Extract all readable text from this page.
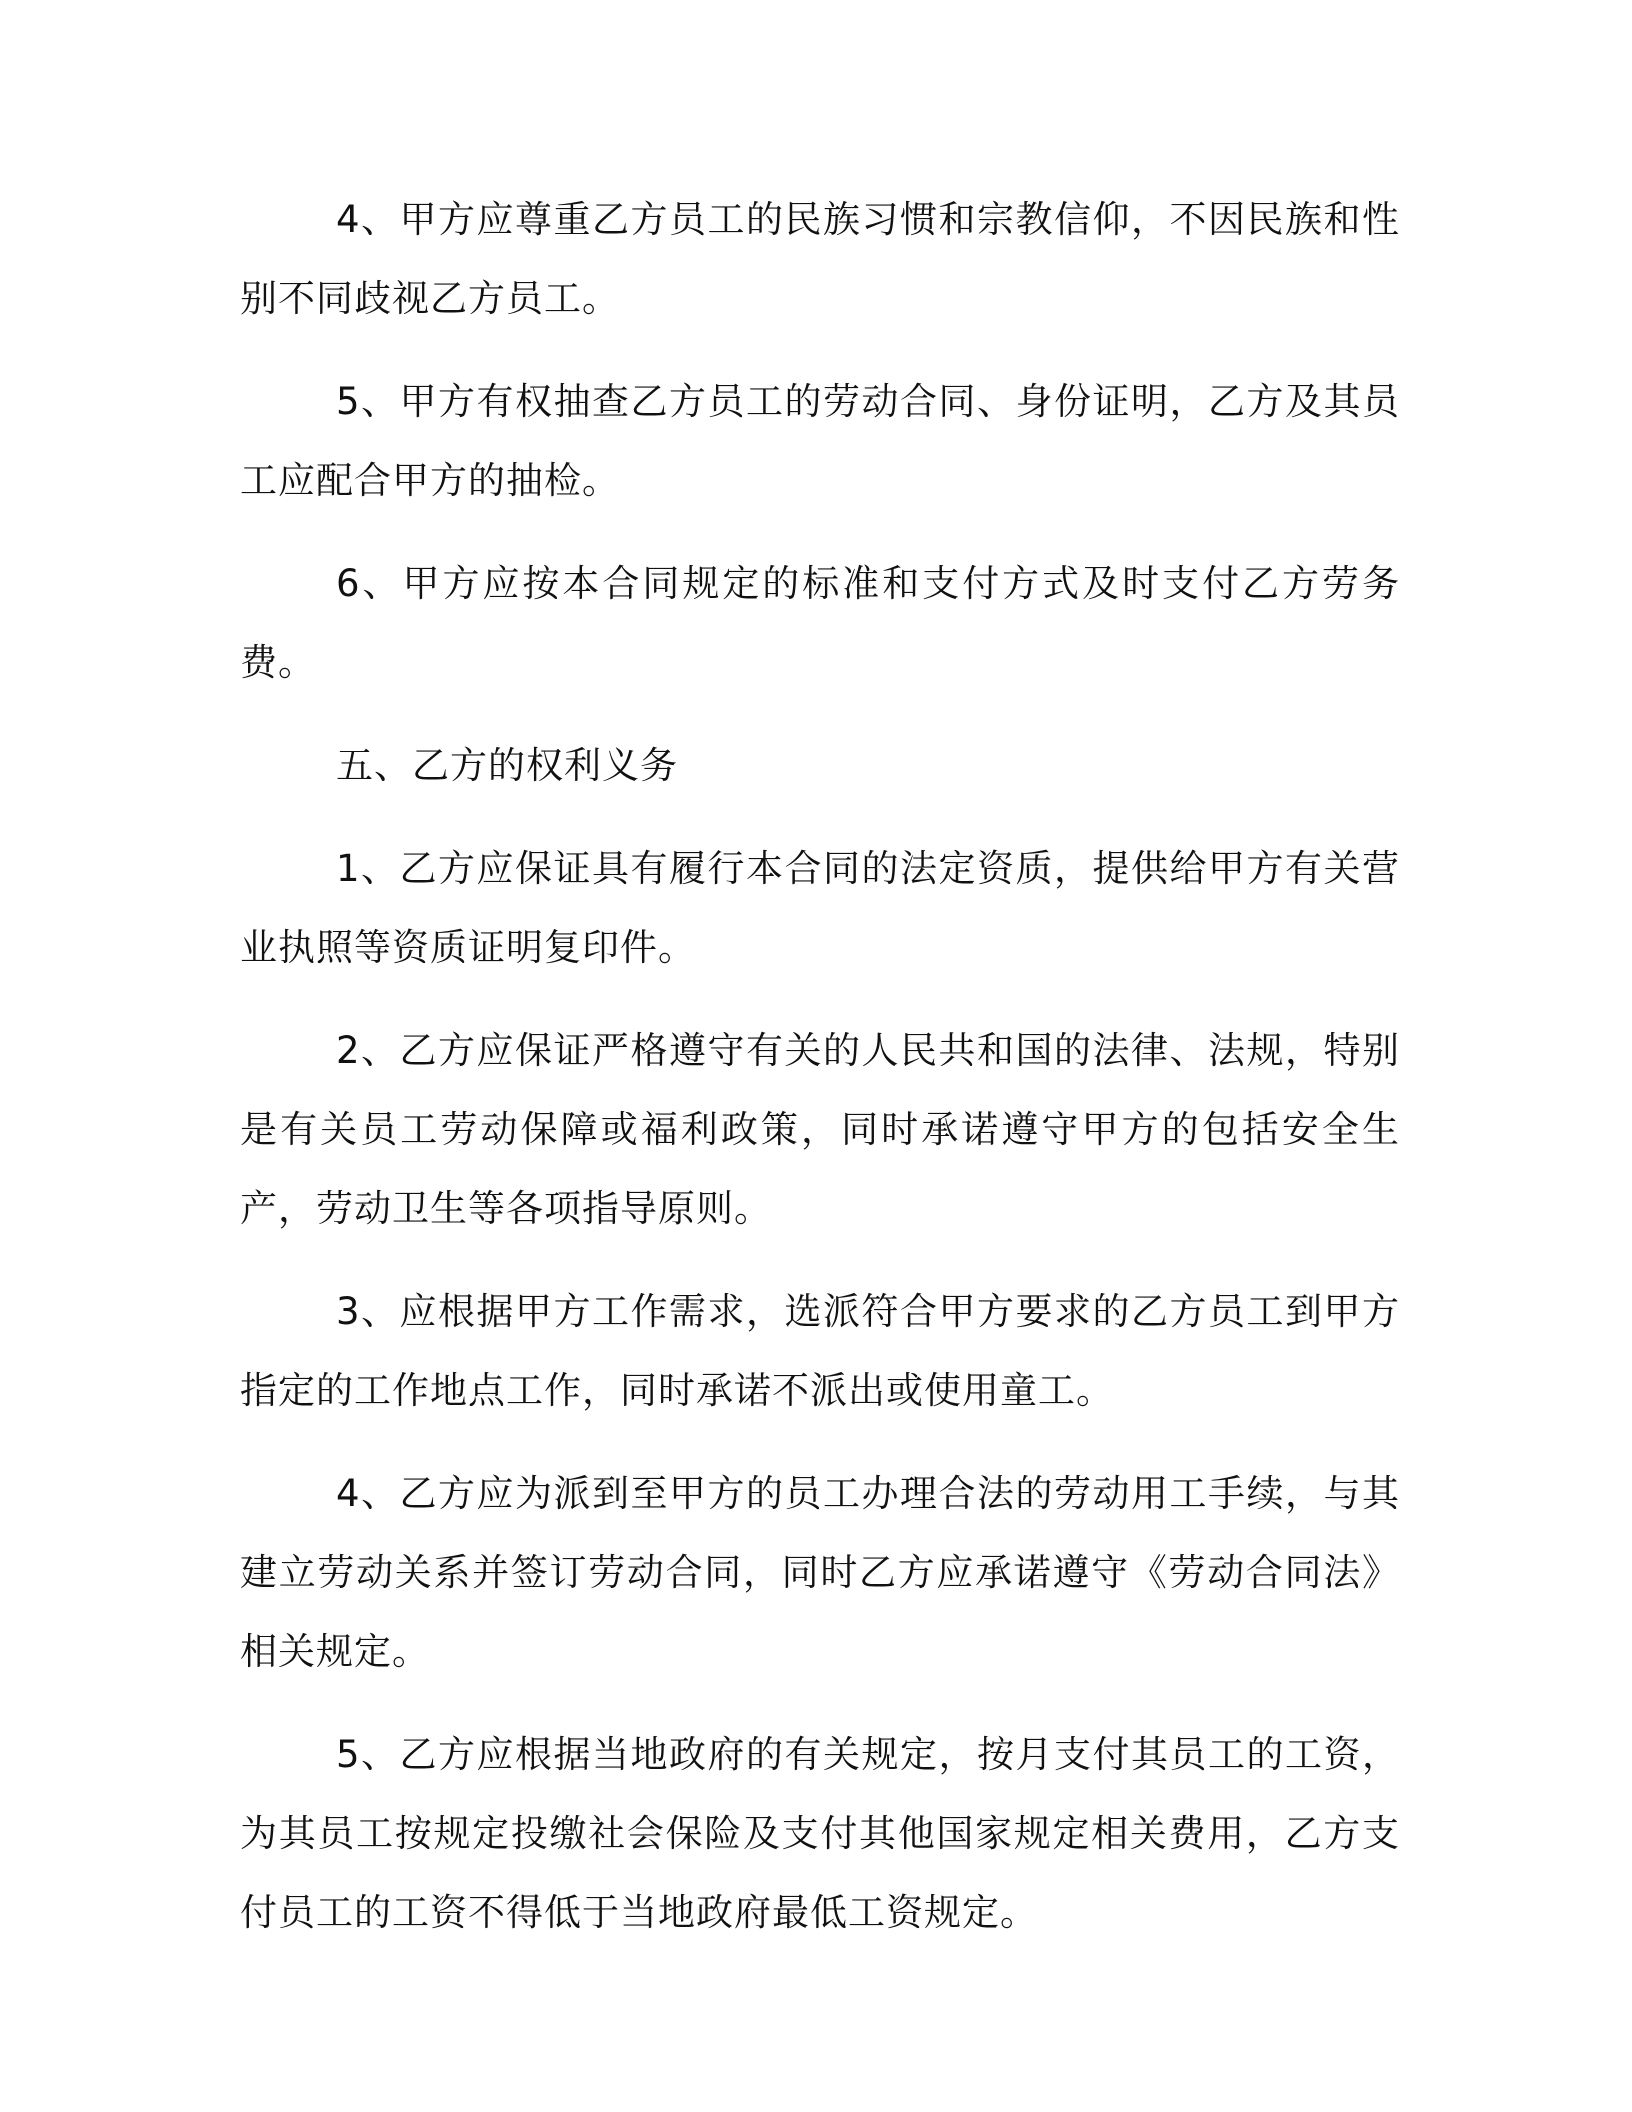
4、甲方应尊重乙方员工的民族习惯和宗教信仰，不因民族和性别不同歧视乙方员工。

5、甲方有权抽查乙方员工的劳动合同、身份证明，乙方及其员工应配合甲方的抽检。

6、甲方应按本合同规定的标准和支付方式及时支付乙方劳务费。

五、乙方的权利义务

1、乙方应保证具有履行本合同的法定资质，提供给甲方有关营业执照等资质证明复印件。

2、乙方应保证严格遵守有关的人民共和国的法律、法规，特别是有关员工劳动保障或福利政策，同时承诺遵守甲方的包括安全生产，劳动卫生等各项指导原则。

3、应根据甲方工作需求，选派符合甲方要求的乙方员工到甲方指定的工作地点工作，同时承诺不派出或使用童工。

4、乙方应为派到至甲方的员工办理合法的劳动用工手续，与其建立劳动关系并签订劳动合同，同时乙方应承诺遵守《劳动合同法》相关规定。

5、乙方应根据当地政府的有关规定，按月支付其员工的工资，为其员工按规定投缴社会保险及支付其他国家规定相关费用，乙方支付员工的工资不得低于当地政府最低工资规定。
